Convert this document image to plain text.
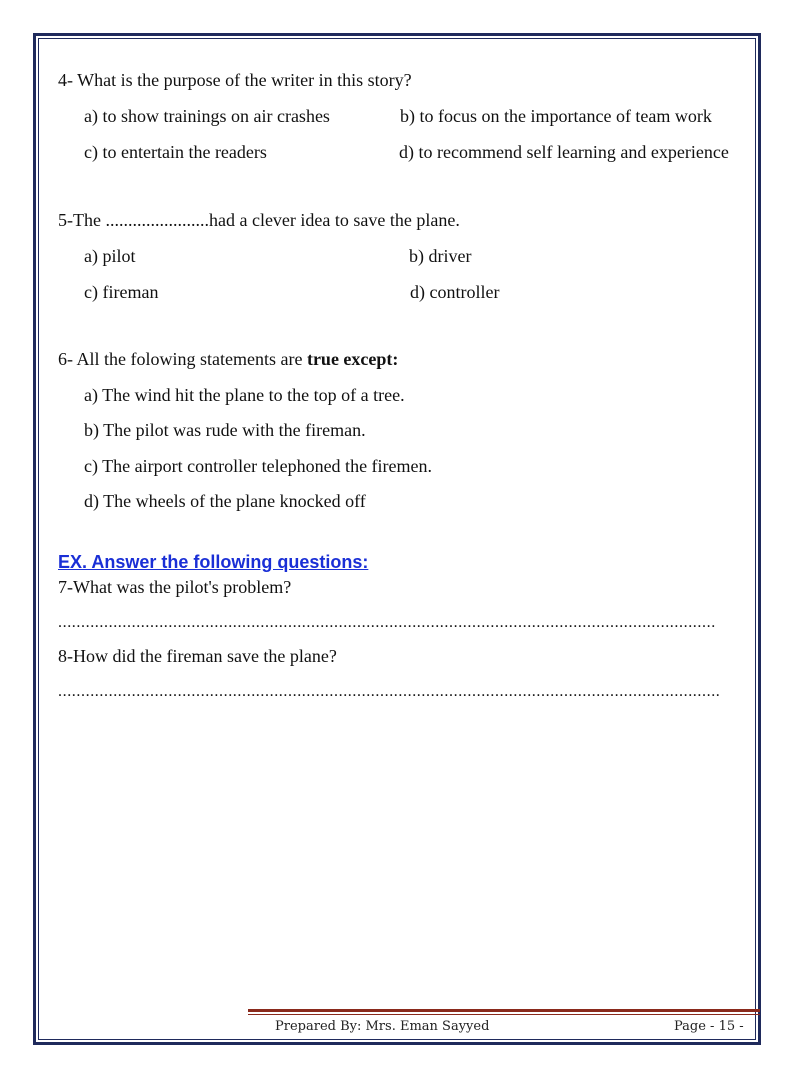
4- What is the purpose of the writer in this story?
a) to show trainings on air crashes	b) to focus on the importance of team work
c) to entertain the readers	d) to recommend self learning and experience
5-The .......................had a clever idea to save the plane.
a) pilot	b) driver
c) fireman	d) controller
6- All the folowing statements are true except:
a) The wind hit the plane to the top of a tree.
b) The pilot was rude with the fireman.
c) The airport controller telephoned the firemen.
d) The wheels of the plane knocked off
EX. Answer the following questions:
7-What was the pilot's problem?
...............................................................................................................................................
8-How did the fireman save the plane?
................................................................................................................................................
Prepared By: Mrs. Eman Sayyed	Page - 15 -
